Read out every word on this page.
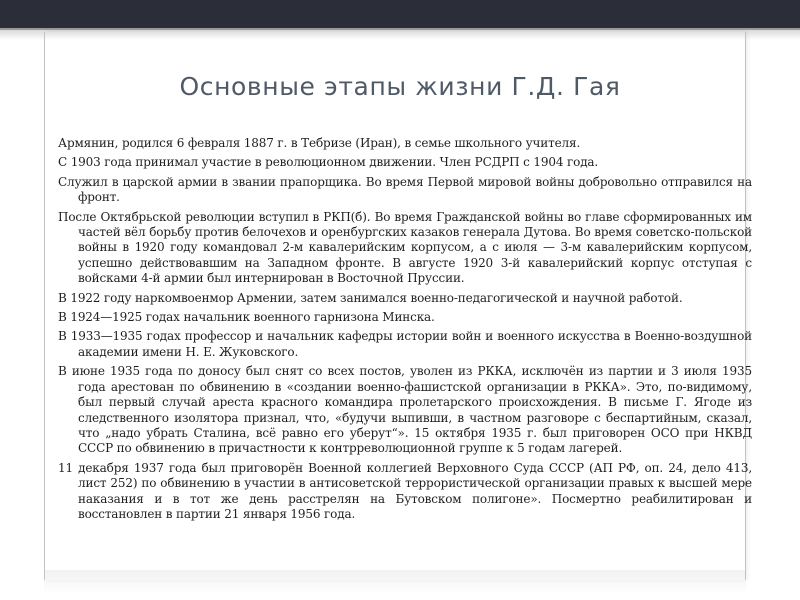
Основные этапы жизни Г.Д. Гая

Армянин, родился 6 февраля 1887 г. в Тебризе (Иран), в семье школьного учителя.

С 1903 года принимал участие в революционном движении. Член РСДРП с 1904 года.

Служил в царской армии в звании прапорщика. Во время Первой мировой войны добровольно отправился на фронт.

После Октябрьской революции вступил в РКП(б). Во время Гражданской войны во главе сформированных им частей вёл борьбу против белочехов и оренбургских казаков генерала Дутова. Во время советско-польской войны в 1920 году командовал 2-м кавалерийским корпусом, а с июля — 3-м кавалерийским корпусом, успешно действовавшим на Западном фронте. В августе 1920 3-й кавалерийский корпус отступая с войсками 4-й армии был интернирован в Восточной Пруссии.

В 1922 году наркомвоенмор Армении, затем занимался военно-педагогической и научной работой.

В 1924—1925 годах начальник военного гарнизона Минска.

В 1933—1935 годах профессор и начальник кафедры истории войн и военного искусства в Военно-воздушной академии имени Н. Е. Жуковского.

В июне 1935 года по доносу был снят со всех постов, уволен из РККА, исключён из партии и 3 июля 1935 года арестован по обвинению в «создании военно-фашистской организации в РККА». Это, по-видимому, был первый случай ареста красного командира пролетарского происхождения. В письме Г. Ягоде из следственного изолятора признал, что, «будучи выпивши, в частном разговоре с беспартийным, сказал, что „надо убрать Сталина, всё равно его уберут“». 15 октября 1935 г. был приговорен ОСО при НКВД СССР по обвинению в причастности к контрреволюционной группе к 5 годам лагерей.

11 декабря 1937 года был приговорён Военной коллегией Верховного Суда СССР (АП РФ, оп. 24, дело 413, лист 252) по обвинению в участии в антисоветской террористической организации правых к высшей мере наказания и в тот же день расстрелян на Бутовском полигоне». Посмертно реабилитирован и восстановлен в партии 21 января 1956 года.
